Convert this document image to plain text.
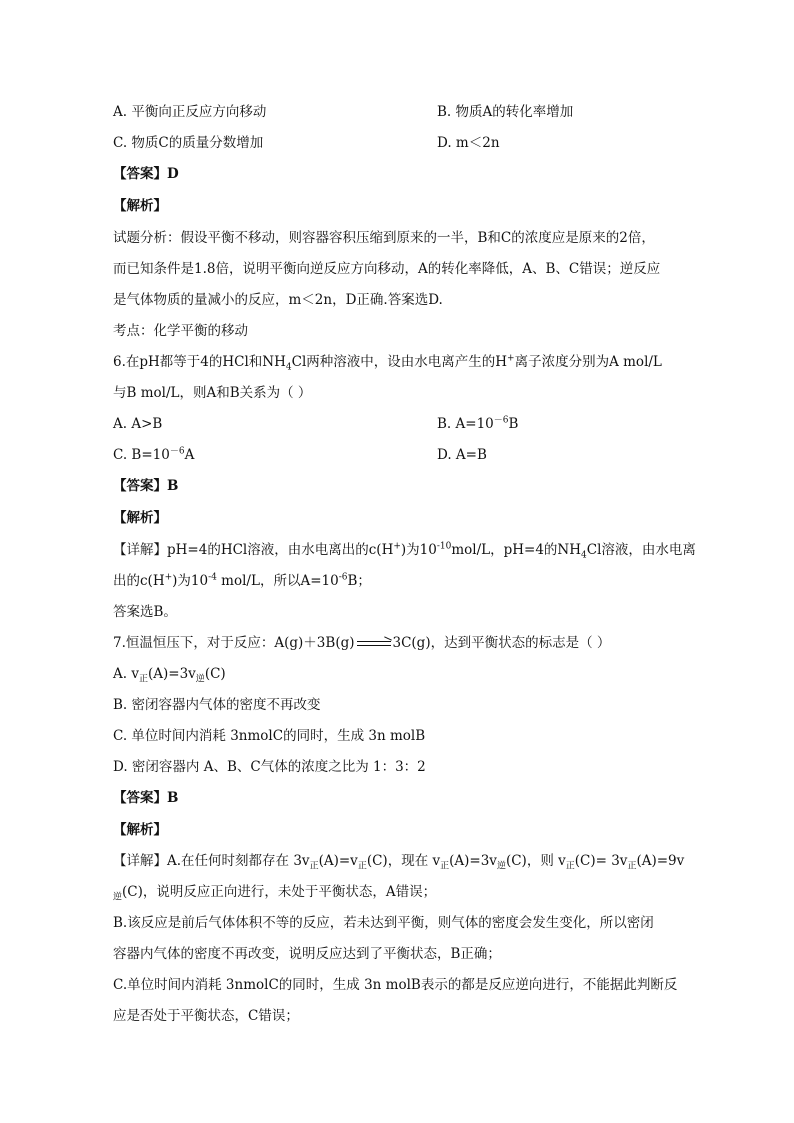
A. 平衡向正反应方向移动	B. 物质A的转化率增加
C. 物质C的质量分数增加	D. m＜2n
【答案】D
【解析】
试题分析：假设平衡不移动，则容器容积压缩到原来的一半，B和C的浓度应是原来的2倍，
而已知条件是1.8倍，说明平衡向逆反应方向移动，A的转化率降低，A、B、C错误；逆反应
是气体物质的量减小的反应，m＜2n，D正确.答案选D.
考点：化学平衡的移动
6.在pH都等于4的HCl和$NH_4Cl$两种溶液中，设由水电离产生的H+离子浓度分别为A mol/L
与B mol/L，则A和B关系为（ ）
A. A>B	B. $A=10^{-6}B$
C. $B=10^{-6}A$	D. A=B
【答案】B
【解析】
【详解】pH=4的HCl溶液，由水电离出的c(H+)为$10^{-10}mol/L$，pH=4的$NH_4Cl$溶液，由水电离
出的c(H+)为$10^{-4}$ mol/L，所以$A=10^{-6}B$；
答案选B。
7.恒温恒压下，对于反应：A(g)＋3B(g) → 3C(g)，达到平衡状态的标志是（ ）
A. $v_正(A)=3v_逆(C)$
B. 密闭容器内气体的密度不再改变
C. 单位时间内消耗 3nmolC的同时，生成 3n molB
D. 密闭容器内 A、B、C气体的浓度之比为 1：3：2
【答案】B
【解析】
【详解】A.在任何时刻都存在 $3v_正(A)=v_正(C)$，现在 $v_正(A)=3v_逆(C)$，则 $v_正(C)= 3v_正(A)=9v$
$_逆$(C)，说明反应正向进行，未处于平衡状态，A错误；
B.该反应是前后气体体积不等的反应，若未达到平衡，则气体的密度会发生变化，所以密闭
容器内气体的密度不再改变，说明反应达到了平衡状态，B正确；
C.单位时间内消耗 3nmolC的同时，生成 3n molB表示的都是反应逆向进行，不能据此判断反
应是否处于平衡状态，C错误；
